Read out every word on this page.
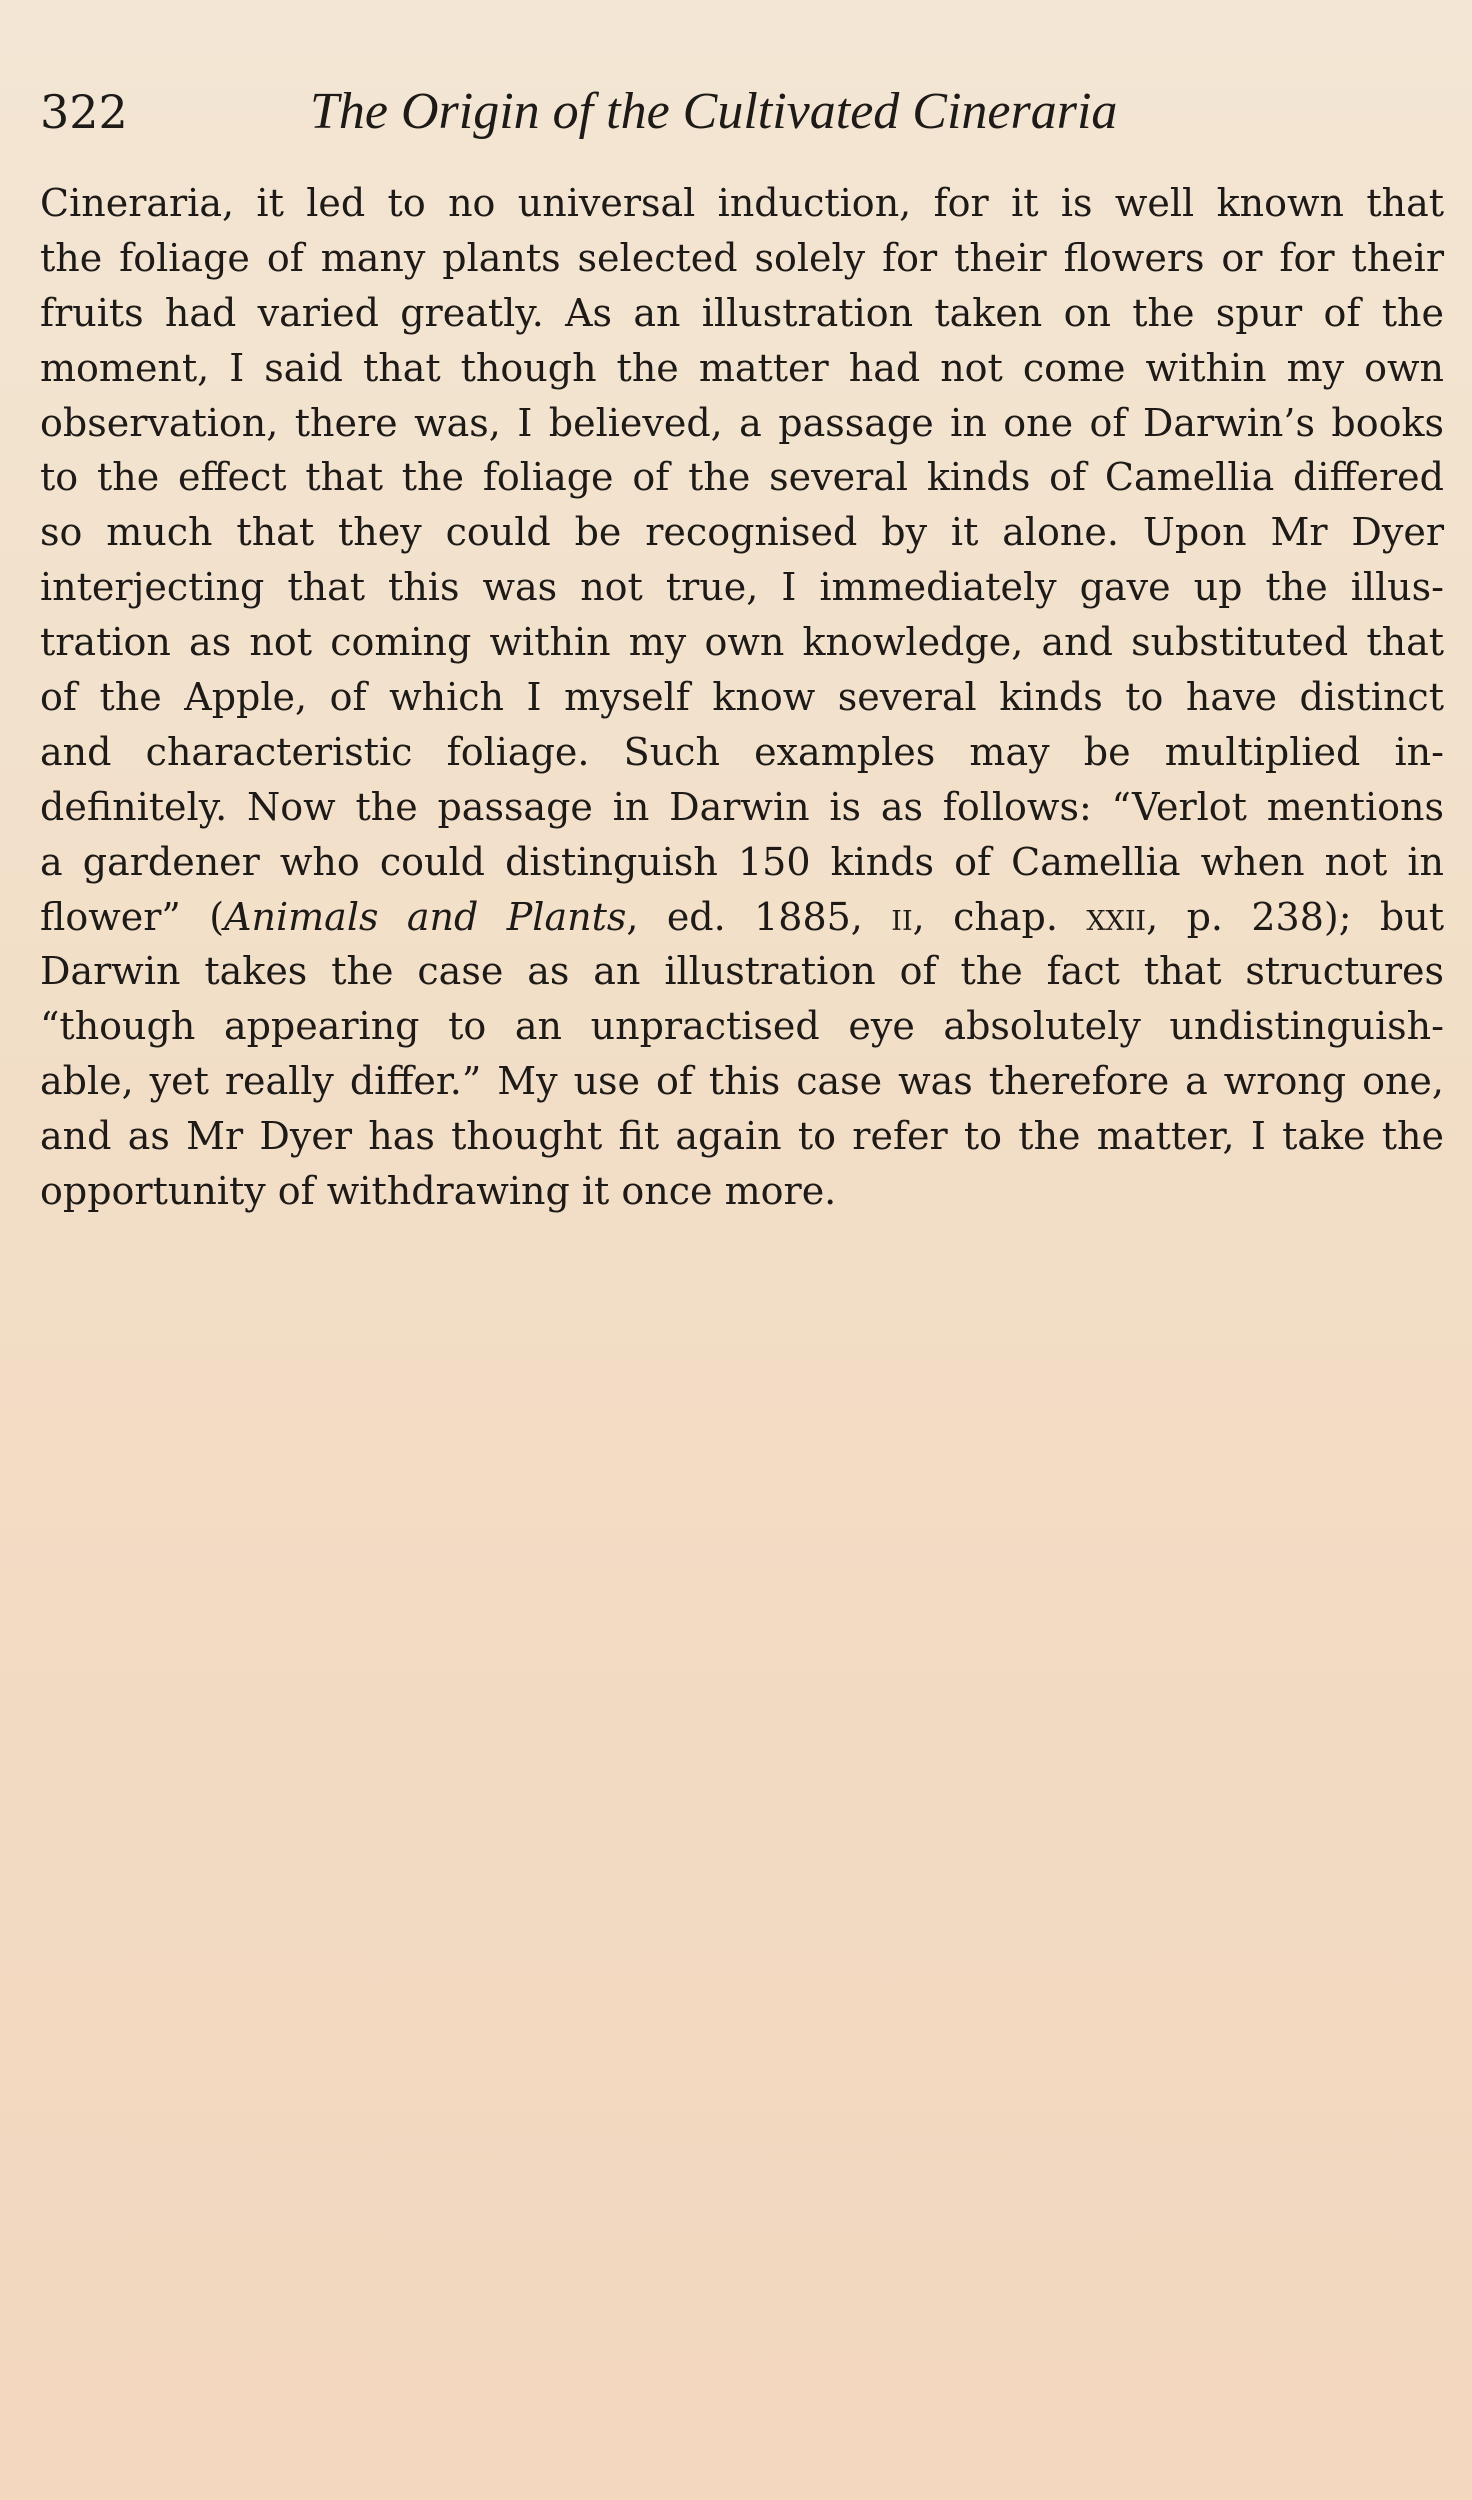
322	The Origin of the Cultivated Cineraria
Cineraria, it led to no universal induction, for it is well known that
the foliage of many plants selected solely for their flowers or for their
fruits had varied greatly. As an illustration taken on the spur of the
moment, I said that though the matter had not come within my own
observation, there was, I believed, a passage in one of Darwin’s books
to the effect that the foliage of the several kinds of Camellia differed
so much that they could be recognised by it alone. Upon Mr Dyer
interjecting that this was not true, I immediately gave up the illus-
tration as not coming within my own knowledge, and substituted that
of the Apple, of which I myself know several kinds to have distinct
and characteristic foliage. Such examples may be multiplied in-
definitely. Now the passage in Darwin is as follows: “Verlot mentions
a gardener who could distinguish 150 kinds of Camellia when not in
flower” (Animals and Plants, ed. 1885, ii, chap. xxii, p. 238); but
Darwin takes the case as an illustration of the fact that structures
“though appearing to an unpractised eye absolutely undistinguish-
able, yet really differ.” My use of this case was therefore a wrong one,
and as Mr Dyer has thought fit again to refer to the matter, I take the
opportunity of withdrawing it once more.
